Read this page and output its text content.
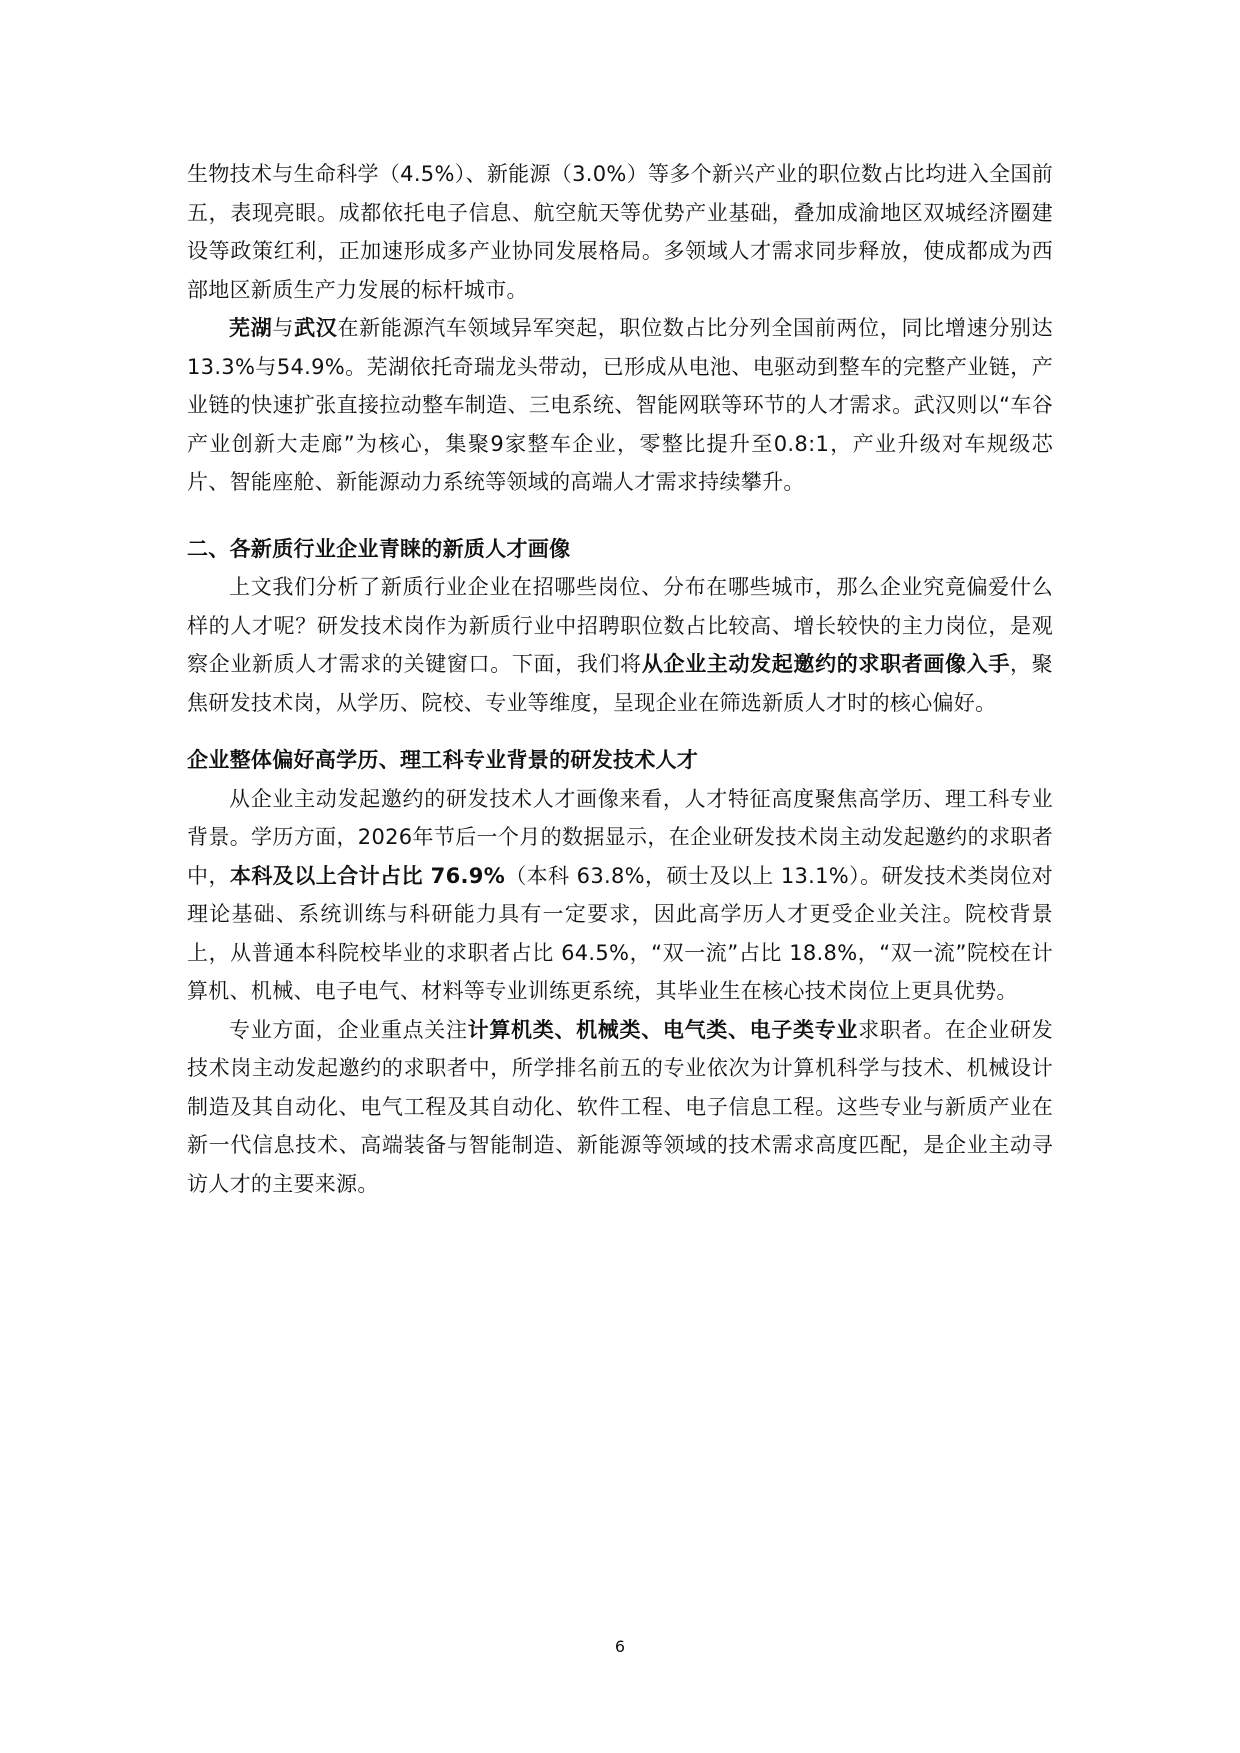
生物技术与生命科学（4.5%）、新能源（3.0%）等多个新兴产业的职位数占比均进入全国前五，表现亮眼。成都依托电子信息、航空航天等优势产业基础，叠加成渝地区双城经济圈建设等政策红利，正加速形成多产业协同发展格局。多领域人才需求同步释放，使成都成为西部地区新质生产力发展的标杆城市。

芜湖与武汉在新能源汽车领域异军突起，职位数占比分列全国前两位，同比增速分别达13.3%与54.9%。芜湖依托奇瑞龙头带动，已形成从电池、电驱动到整车的完整产业链，产业链的快速扩张直接拉动整车制造、三电系统、智能网联等环节的人才需求。武汉则以“车谷产业创新大走廊”为核心，集聚9家整车企业，零整比提升至0.8:1，产业升级对车规级芯片、智能座舱、新能源动力系统等领域的高端人才需求持续攀升。

二、各新质行业企业青睐的新质人才画像

上文我们分析了新质行业企业在招哪些岗位、分布在哪些城市，那么企业究竟偏爱什么样的人才呢？研发技术岗作为新质行业中招聘职位数占比较高、增长较快的主力岗位，是观察企业新质人才需求的关键窗口。下面，我们将从企业主动发起邀约的求职者画像入手，聚焦研发技术岗，从学历、院校、专业等维度，呈现企业在筛选新质人才时的核心偏好。

企业整体偏好高学历、理工科专业背景的研发技术人才

从企业主动发起邀约的研发技术人才画像来看，人才特征高度聚焦高学历、理工科专业背景。学历方面，2026年节后一个月的数据显示，在企业研发技术岗主动发起邀约的求职者中，本科及以上合计占比 76.9%（本科 63.8%，硕士及以上 13.1%）。研发技术类岗位对理论基础、系统训练与科研能力具有一定要求，因此高学历人才更受企业关注。院校背景上，从普通本科院校毕业的求职者占比 64.5%，“双一流”占比 18.8%，“双一流”院校在计算机、机械、电子电气、材料等专业训练更系统，其毕业生在核心技术岗位上更具优势。

专业方面，企业重点关注计算机类、机械类、电气类、电子类专业求职者。在企业研发技术岗主动发起邀约的求职者中，所学排名前五的专业依次为计算机科学与技术、机械设计制造及其自动化、电气工程及其自动化、软件工程、电子信息工程。这些专业与新质产业在新一代信息技术、高端装备与智能制造、新能源等领域的技术需求高度匹配，是企业主动寻访人才的主要来源。

6
